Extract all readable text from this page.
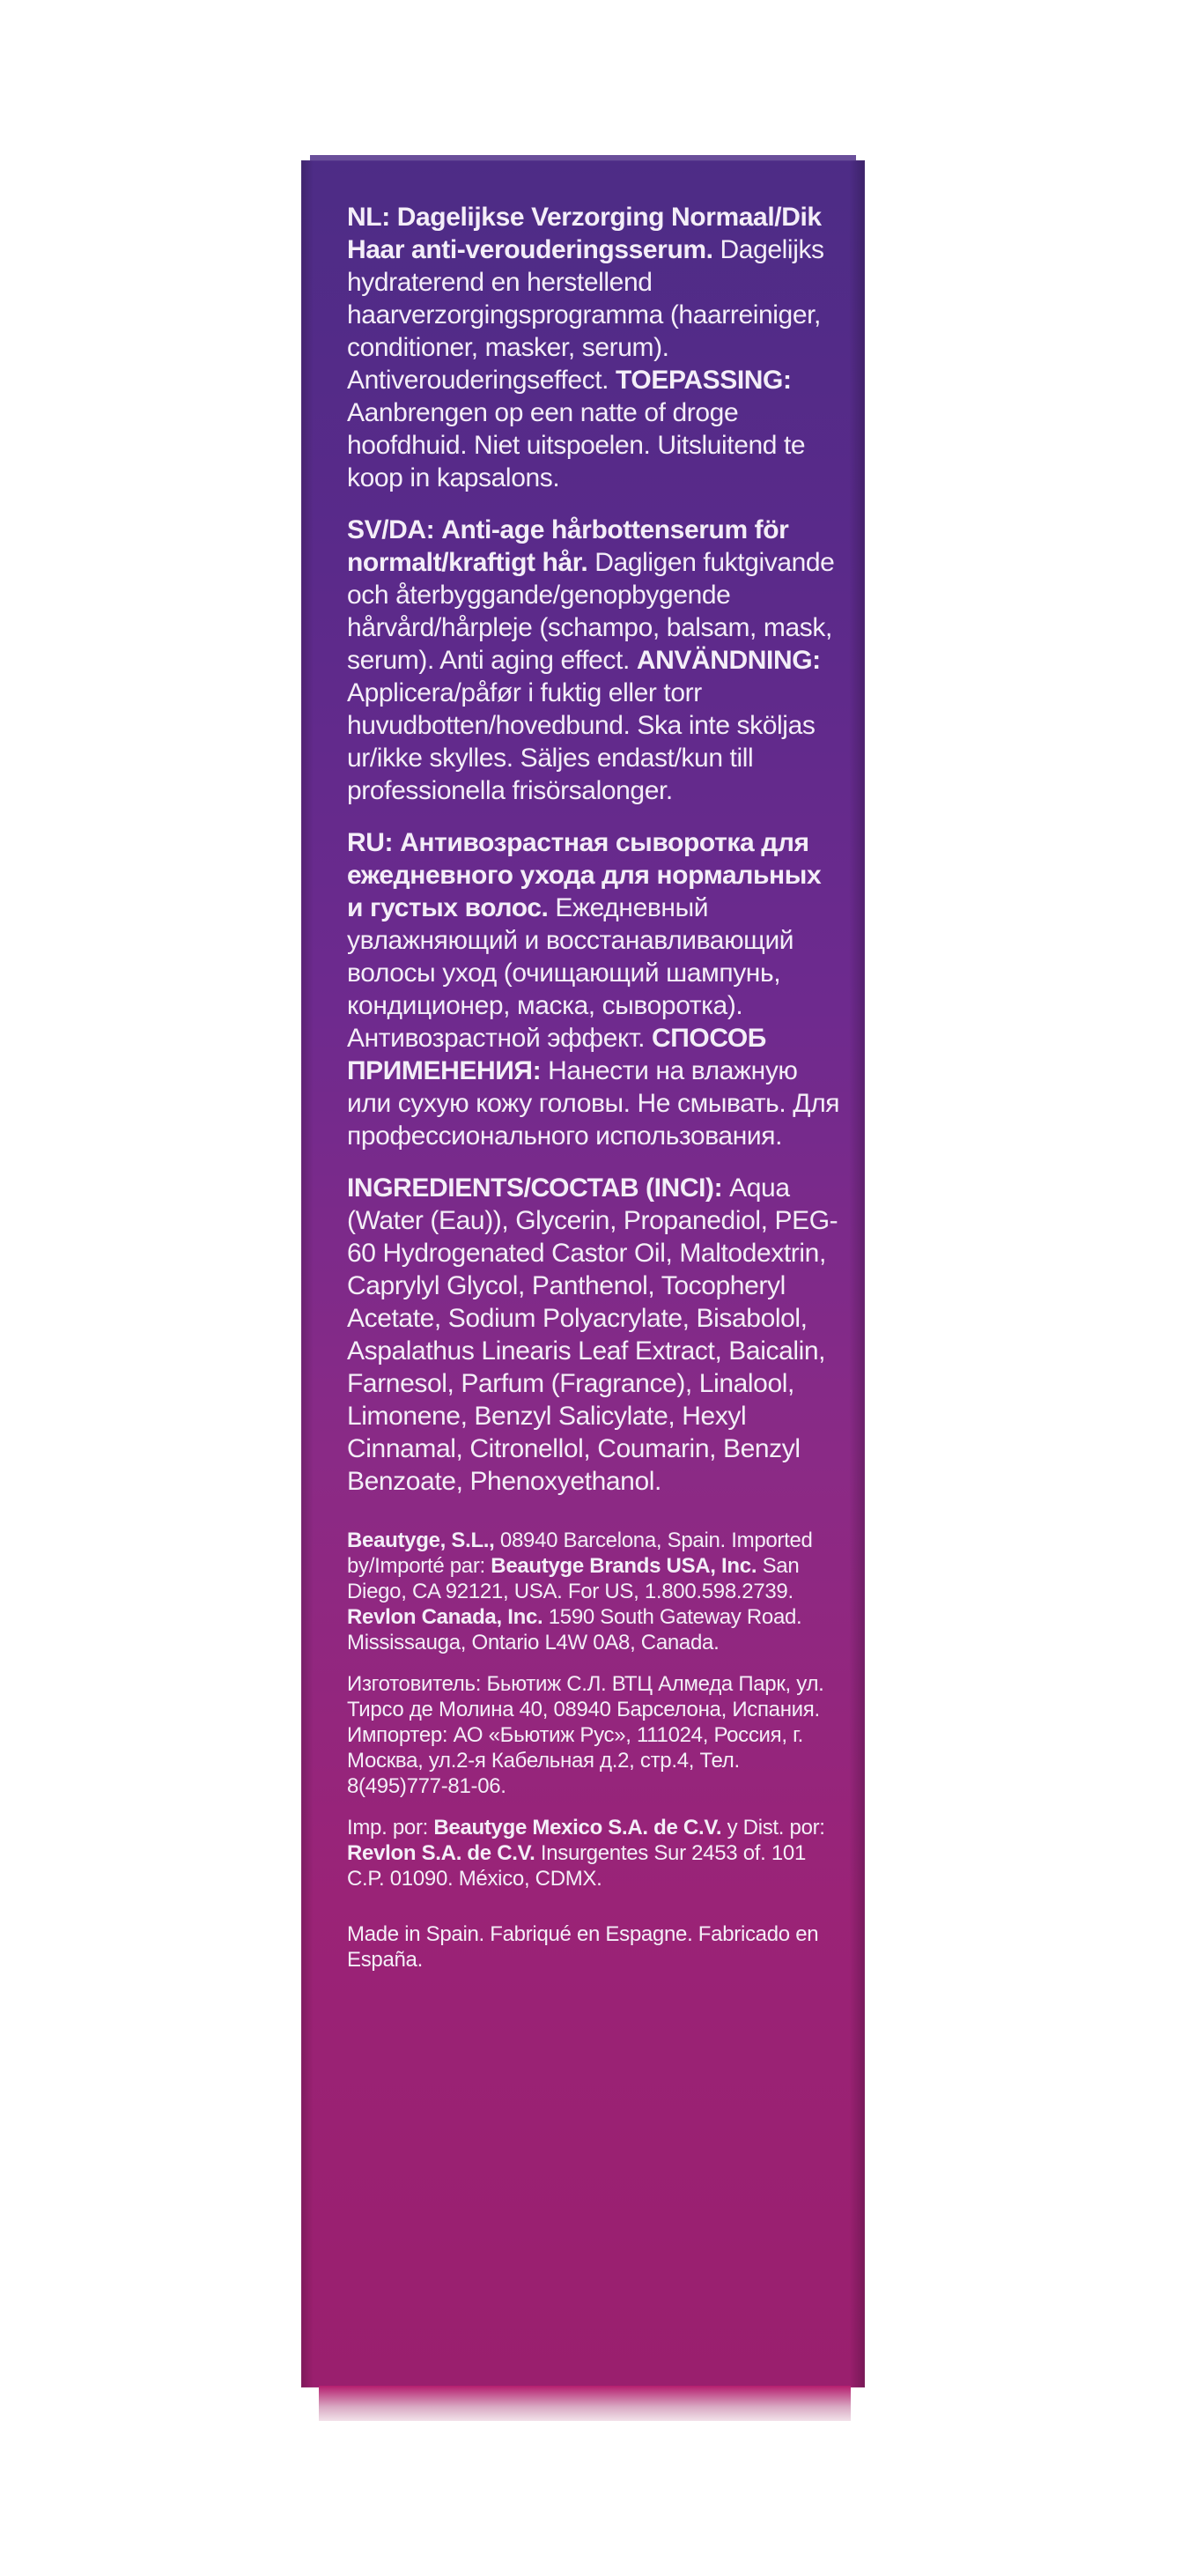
NL: Dagelijkse Verzorging Normaal/Dik Haar anti-verouderingsserum. Dagelijks hydraterend en herstellend haarverzorgingsprogramma (haarreiniger, conditioner, masker, serum). Antiverouderingseffect. TOEPASSING: Aanbrengen op een natte of droge hoofdhuid. Niet uitspoelen. Uitsluitend te koop in kapsalons.

SV/DA: Anti-age hårbottenserum för normalt/kraftigt hår. Dagligen fuktgivande och återbyggande/genopbygende hårvård/hårpleje (schampo, balsam, mask, serum). Anti aging effect. ANVÄNDNING: Applicera/påfør i fuktig eller torr huvudbotten/hovedbund. Ska inte sköljas ur/ikke skylles. Säljes endast/kun till professionella frisörsalonger.

RU: Антивозрастная сыворотка для ежедневного ухода для нормальных и густых волос. Ежедневный увлажняющий и восстанавливающий волосы уход (очищающий шампунь, кондиционер, маска, сыворотка). Антивозрастной эффект. СПОСОБ ПРИМЕНЕНИЯ: Нанести на влажную или сухую кожу головы. Не смывать. Для профессионального использования.

INGREDIENTS/СОСТАВ (INCI): Aqua (Water (Eau)), Glycerin, Propanediol, PEG-60 Hydrogenated Castor Oil, Maltodextrin, Caprylyl Glycol, Panthenol, Tocopheryl Acetate, Sodium Polyacrylate, Bisabolol, Aspalathus Linearis Leaf Extract, Baicalin, Farnesol, Parfum (Fragrance), Linalool, Limonene, Benzyl Salicylate, Hexyl Cinnamal, Citronellol, Coumarin, Benzyl Benzoate, Phenoxyethanol.

Beautyge, S.L., 08940 Barcelona, Spain. Imported by/Importé par: Beautyge Brands USA, Inc. San Diego, CA 92121, USA. For US, 1.800.598.2739. Revlon Canada, Inc. 1590 South Gateway Road. Mississauga, Ontario L4W 0A8, Canada.

Изготовитель: Бьютиж С.Л. ВТЦ Алмеда Парк, ул. Тирсо де Молина 40, 08940 Барселона, Испания. Импортер: АО «Бьютиж Рус», 111024, Россия, г. Москва, ул.2-я Кабельная д.2, стр.4, Тел. 8(495)777-81-06.

Imp. por: Beautyge Mexico S.A. de C.V. y Dist. por: Revlon S.A. de C.V. Insurgentes Sur 2453 of. 101 C.P. 01090. México, CDMX.

Made in Spain. Fabriqué en Espagne. Fabricado en España.
